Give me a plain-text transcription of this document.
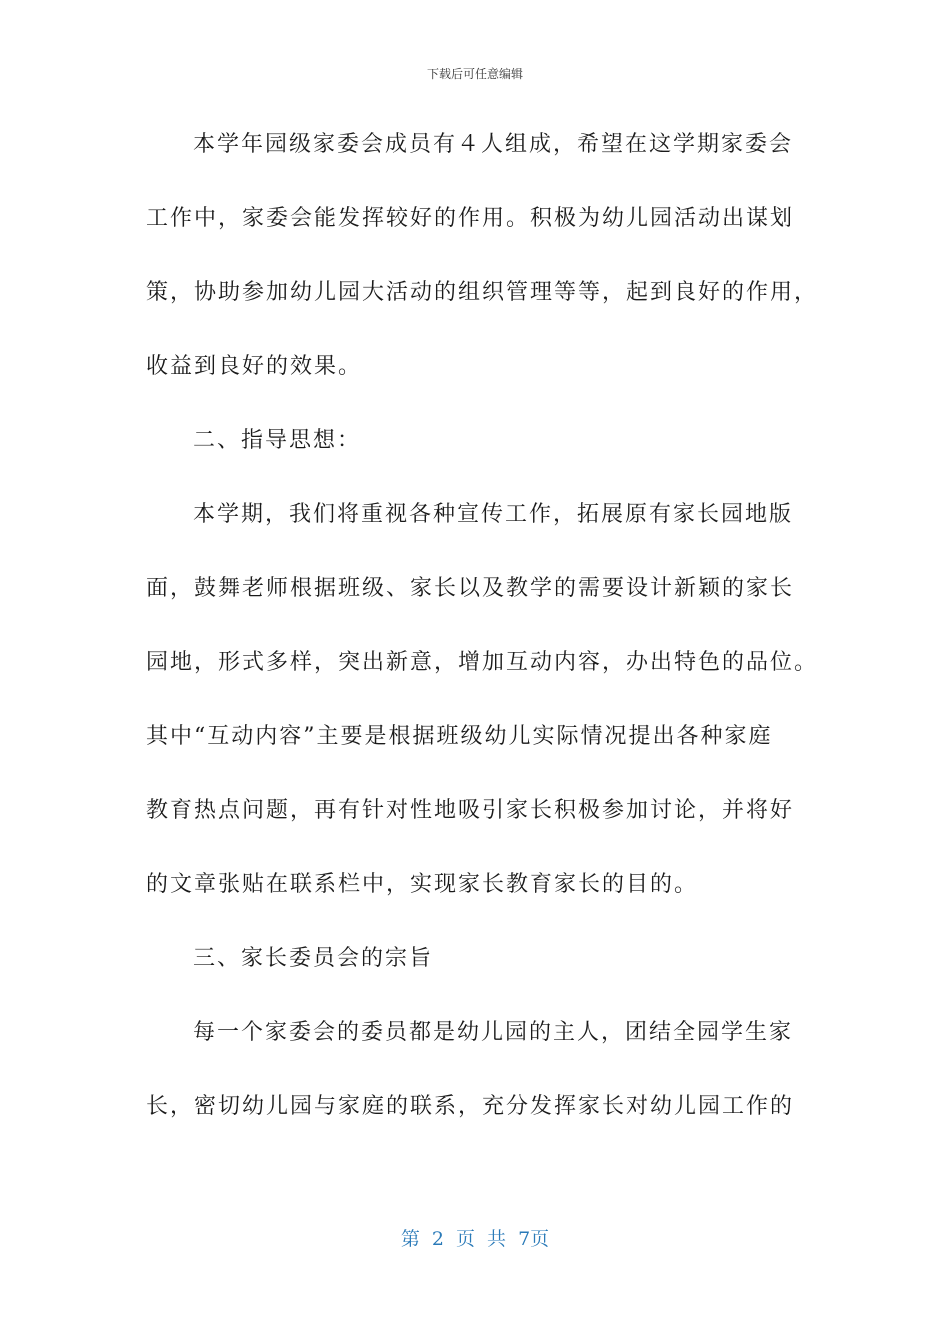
下载后可任意编辑
本学年园级家委会成员有４人组成，希望在这学期家委会
工作中，家委会能发挥较好的作用。积极为幼儿园活动出谋划
策，协助参加幼儿园大活动的组织管理等等，起到良好的作用，
收益到良好的效果。
二、指导思想：
本学期，我们将重视各种宣传工作，拓展原有家长园地版
面，鼓舞老师根据班级、家长以及教学的需要设计新颖的家长
园地，形式多样，突出新意，增加互动内容，办出特色的品位。
其中“互动内容”主要是根据班级幼儿实际情况提出各种家庭
教育热点问题，再有针对性地吸引家长积极参加讨论，并将好
的文章张贴在联系栏中，实现家长教育家长的目的。
三、家长委员会的宗旨
每一个家委会的委员都是幼儿园的主人，团结全园学生家
长，密切幼儿园与家庭的联系，充分发挥家长对幼儿园工作的
第 2 页 共 7页
